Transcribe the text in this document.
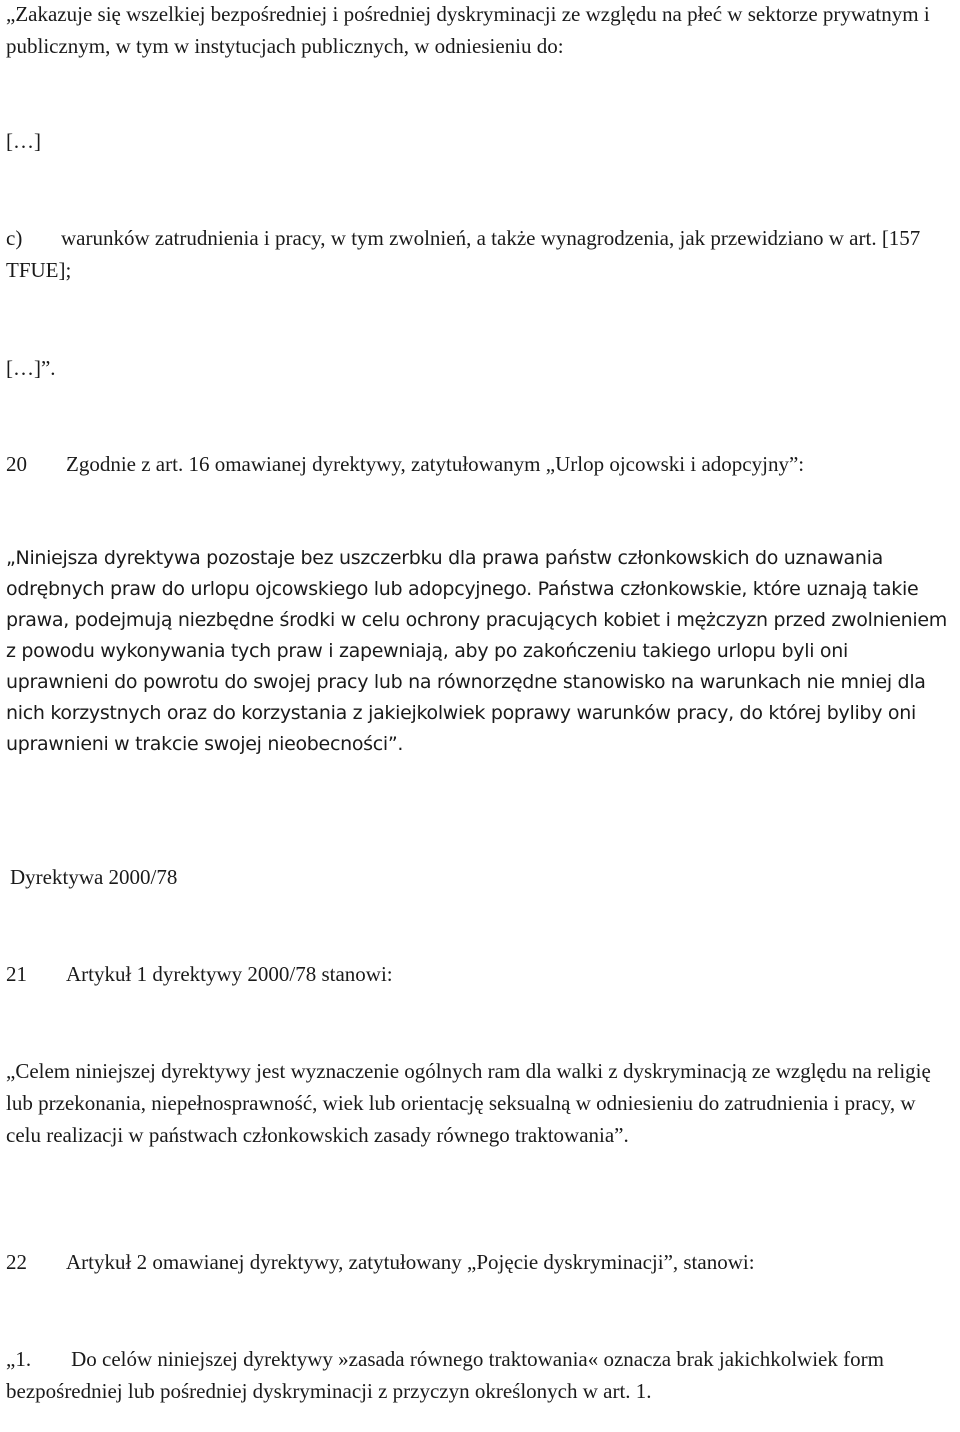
„Zakazuje się wszelkiej bezpośredniej i pośredniej dyskryminacji ze względu na płeć w sektorze prywatnym i publicznym, w tym w instytucjach publicznych, w odniesieniu do:

[…]

c) warunków zatrudnienia i pracy, w tym zwolnień, a także wynagrodzenia, jak przewidziano w art. [157 TFUE];

[…]”.

20 Zgodnie z art. 16 omawianej dyrektywy, zatytułowanym „Urlop ojcowski i adopcyjny”:

„Niniejsza dyrektywa pozostaje bez uszczerbku dla prawa państw członkowskich do uznawania odrębnych praw do urlopu ojcowskiego lub adopcyjnego. Państwa członkowskie, które uznają takie prawa, podejmują niezbędne środki w celu ochrony pracujących kobiet i mężczyzn przed zwolnieniem z powodu wykonywania tych praw i zapewniają, aby po zakończeniu takiego urlopu byli oni uprawnieni do powrotu do swojej pracy lub na równorzędne stanowisko na warunkach nie mniej dla nich korzystnych oraz do korzystania z jakiejkolwiek poprawy warunków pracy, do której byliby oni uprawnieni w trakcie swojej nieobecności”.

Dyrektywa 2000/78

21 Artykuł 1 dyrektywy 2000/78 stanowi:

„Celem niniejszej dyrektywy jest wyznaczenie ogólnych ram dla walki z dyskryminacją ze względu na religię lub przekonania, niepełnosprawność, wiek lub orientację seksualną w odniesieniu do zatrudnienia i pracy, w celu realizacji w państwach członkowskich zasady równego traktowania”.

22 Artykuł 2 omawianej dyrektywy, zatytułowany „Pojęcie dyskryminacji”, stanowi:

„1. Do celów niniejszej dyrektywy »zasada równego traktowania« oznacza brak jakichkolwiek form bezpośredniej lub pośredniej dyskryminacji z przyczyn określonych w art. 1.
